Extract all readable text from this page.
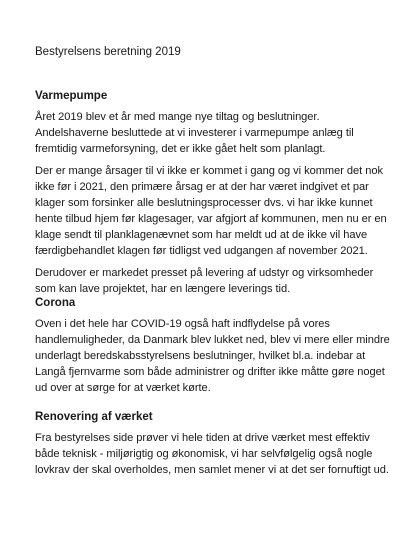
Bestyrelsens beretning 2019
Varmepumpe

Året 2019 blev et år med mange nye tiltag og beslutninger.
Andelshaverne besluttede at vi investerer i varmepumpe anlæg til
fremtidig varmeforsyning, det er ikke gået helt som planlagt.

Der er mange årsager til vi ikke er kommet i gang og vi kommer det nok
ikke før i 2021, den primære årsag er at der har været indgivet et par
klager som forsinker alle beslutningsprocesser dvs. vi har ikke kunnet
hente tilbud hjem før klagesager, var afgjort af kommunen, men nu er en
klage sendt til planklagenævnet som har meldt ud at de ikke vil have
færdigbehandlet klagen før tidligst ved udgangen af november 2021.

Derudover er markedet presset på levering af udstyr og virksomheder
som kan lave projektet, har en længere leverings tid.

Corona

Oven i det hele har COVID-19 også haft indflydelse på vores
handlemuligheder, da Danmark blev lukket ned, blev vi mere eller mindre
underlagt beredskabsstyrelsens beslutninger, hvilket bl.a. indebar at
Langå fjernvarme som både administrer og drifter ikke måtte gøre noget
ud over at sørge for at værket kørte.

Renovering af værket

Fra bestyrelses side prøver vi hele tiden at drive værket mest effektiv
både teknisk - miljørigtig og økonomisk, vi har selvfølgelig også nogle
lovkrav der skal overholdes, men samlet mener vi at det ser fornuftigt ud.
